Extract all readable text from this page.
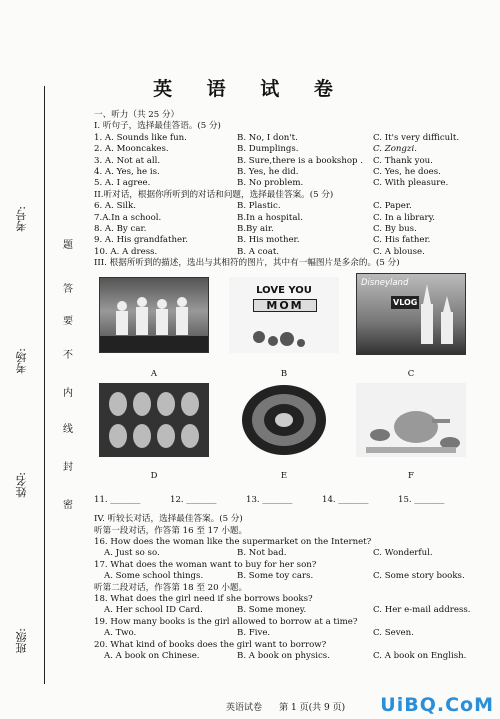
考号:
考场:
姓名:
班级:
题
答
要
不
内
线
封
密
英 语 试 卷
一、听力（共 25 分）
I. 听句子，选择最佳答语。(5 分)
1. A. Sounds like fun.	B. No, I don't.	C. It's very difficult.
2. A. Mooncakes.	B. Dumplings.	C. Zongzi.
3. A. Not at all.	B. Sure,there is a bookshop .	C. Thank you.
4. A. Yes, he is.	B. Yes, he did.	C. Yes, he does.
5. A. I agree.	B. No problem.	C. With pleasure.
II.听对话，根据你所听到的对话和问题，选择最佳答案。(5 分)
6. A. Silk.	B. Plastic.	C. Paper.
7.A.In a school.	B.In a hospital.	C. In a library.
8. A. By car.	B.By air.	C. By bus.
9. A. His grandfather.	B. His mother.	C. His father.
10. A. A dress.	B. A coat.	C. A blouse.
III. 根据所听到的描述，选出与其相符的图片，其中有一幅图片是多余的。(5 分)
A
LOVE YOU
MOM
B
Disneyland
VLOG
C
D	E	F
11. _______	12. _______	13. _______	14. _______	15. _______
IV. 听较长对话，选择最佳答案。(5 分)
听第一段对话，作答第 16 至 17 小题。
16. How does the woman like the supermarket on the Internet?
A. Just so so.	B. Not bad.	C. Wonderful.
17. What does the woman want to buy for her son?
A. Some school things.	B. Some toy cars.	C. Some story books.
听第二段对话，作答第 18 至 20 小题。
18. What does the girl need if she borrows books?
A. Her school ID Card.	B. Some money.	C. Her e-mail address.
19. How many books is the girl allowed to borrow at a time?
A. Two.	B. Five.	C. Seven.
20. What kind of books does the girl want to borrow?
A. A book on Chinese.	B. A book on physics.	C. A book on English.
英语试卷      第 1 页(共 9 页) UiBQ.CoM
